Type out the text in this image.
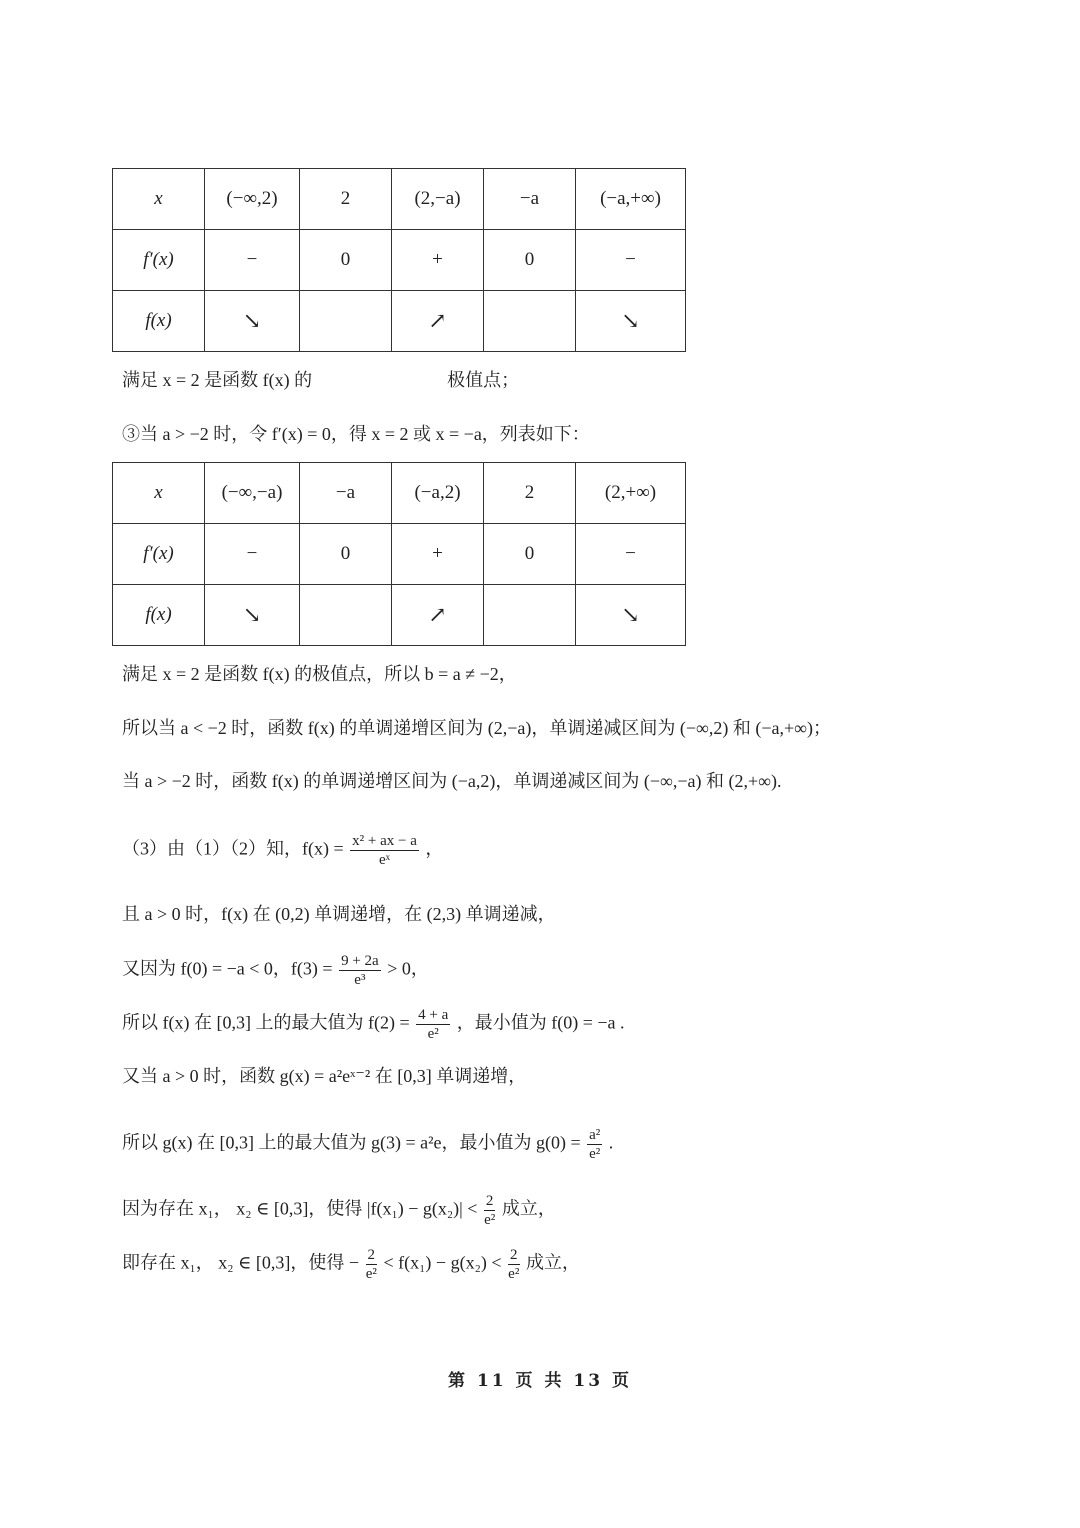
x	(−∞,2)	2	(2,−a)	−a	(−a,+∞)
f′(x)	−	0	+	0	−
f(x)	↘		↗		↘
满足 x = 2 是函数 f(x) 的                              极值点；
③当 a > −2 时，令 f′(x) = 0，得 x = 2 或 x = −a，列表如下：
x	(−∞,−a)	−a	(−a,2)	2	(2,+∞)
f′(x)	−	0	+	0	−
f(x)	↘		↗		↘
满足 x = 2 是函数 f(x) 的极值点，所以 b = a ≠ −2，
所以当 a < −2 时，函数 f(x) 的单调递增区间为 (2,−a)，单调递减区间为 (−∞,2) 和 (−a,+∞)；
当 a > −2 时，函数 f(x) 的单调递增区间为 (−a,2)，单调递减区间为 (−∞,−a) 和 (2,+∞).
（3）由（1）（2）知，$f(x) = \frac{\text{x² + ax − a}}{\text{eˣ}}$ ，
且 a > 0 时，f(x) 在 (0,2) 单调递增，在 (2,3) 单调递减，
又因为 f(0) = −a < 0，$f(3) = \frac{9 + 2a}{\text{e³}} > 0$，
所以 f(x) 在 [0,3] 上的最大值为 $f(2) = \frac{4 + a}{\text{e²}}$ ，最小值为 f(0) = −a .
又当 a > 0 时，函数 g(x) = a²eˣ⁻² 在 [0,3] 单调递增，
所以 g(x) 在 [0,3] 上的最大值为 g(3) = a²e，最小值为 $g(0) = \frac{\text{a²}}{\text{e²}}$ .
因为存在 x₁， x₂ ∈ [0,3]，使得 $|f(x_1) - g(x_2)| < \frac{2}{\text{e²}}$ 成立，
即存在 x₁， x₂ ∈ [0,3]，使得 − $\frac{2}{\text{e²}} < f(x_1) - g(x_2) < \frac{2}{\text{e²}}$ 成立，
第 11 页 共 13 页
